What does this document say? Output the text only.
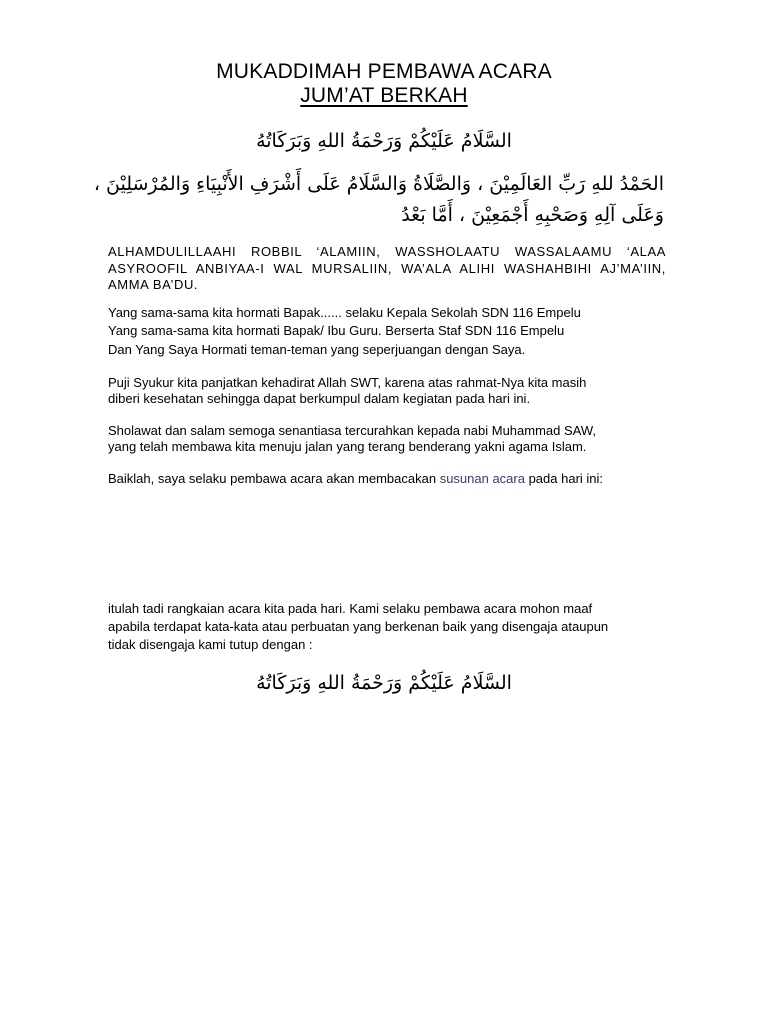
MUKADDIMAH PEMBAWA ACARA
JUM’AT BERKAH
السَّلَامُ عَلَيْكُمْ وَرَحْمَةُ اللهِ وَبَرَكَاتُهُ
الحَمْدُ للهِ رَبِّ العَالَمِيْنَ ، وَالصَّلَاةُ وَالسَّلَامُ عَلَى أَشْرَفِ الأَنْبِيَاءِ وَالمُرْسَلِيْنَ ،
وَعَلَى آلِهِ وَصَحْبِهِ أَجْمَعِيْنَ ، أَمَّا بَعْدُ
ALHAMDULILLAAHI ROBBIL ‘ALAMIIN, WASSHOLAATU WASSALAAMU ‘ALAA ASYROOFIL ANBIYAA-I WAL MURSALIIN, WA’ALA ALIHI WASHAHBIHI AJ’MA’IIN, AMMA BA’DU.
Yang sama-sama kita hormati Bapak...... selaku Kepala Sekolah SDN 116 Empelu
Yang sama-sama kita hormati Bapak/ Ibu Guru. Berserta Staf SDN 116 Empelu
Dan Yang Saya Hormati teman-teman yang seperjuangan dengan Saya.
Puji Syukur kita panjatkan kehadirat Allah SWT, karena atas rahmat-Nya kita masih
diberi kesehatan sehingga dapat berkumpul dalam kegiatan pada hari ini.
Sholawat dan salam semoga senantiasa tercurahkan kepada nabi Muhammad SAW,
yang telah membawa kita menuju jalan yang terang benderang yakni agama Islam.
Baiklah, saya selaku pembawa acara akan membacakan susunan acara pada hari ini:
itulah tadi rangkaian acara kita pada hari. Kami selaku pembawa acara mohon maaf
apabila terdapat kata-kata atau perbuatan yang berkenan baik yang disengaja ataupun
tidak disengaja kami tutup dengan :
السَّلَامُ عَلَيْكُمْ وَرَحْمَةُ اللهِ وَبَرَكَاتُهُ
